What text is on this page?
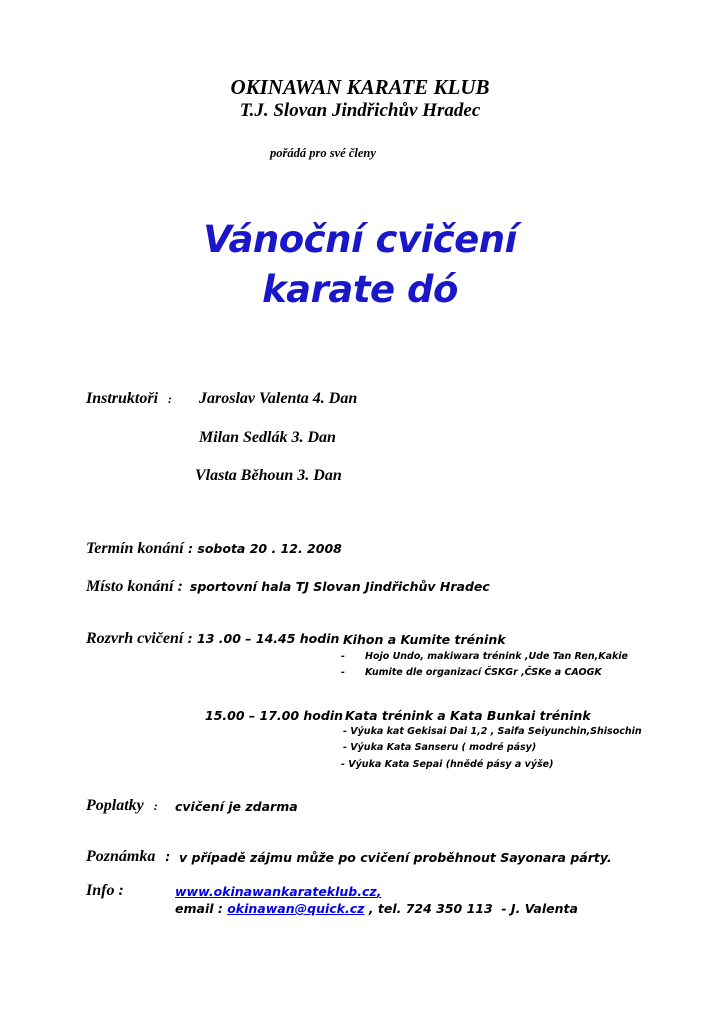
OKINAWAN KARATE KLUB
T.J. Slovan Jindřichův Hradec
pořádá pro své členy
Vánoční cvičení
karate dó
Instruktoři : Jaroslav Valenta 4. Dan
Milan Sedlák 3. Dan
Vlasta Běhoun 3. Dan
Termín konání : sobota 20 . 12. 2008
Místo konání : sportovní hala TJ Slovan Jindřichův Hradec
Rozvrh cvičení : 13 .00 – 14.45 hodin Kihon a Kumite trénink
- Hojo Undo, makiwara trénink ,Ude Tan Ren,Kakie
- Kumite dle organizací ČSKGr ,ČSKe a CAOGK
15.00 – 17.00 hodin Kata trénink a Kata Bunkai trénink
- Výuka kat Gekisai Dai 1,2 , Saifa Seiyunchin,Shisochin
- Výuka Kata Sanseru ( modré pásy)
- Výuka Kata Sepai (hnědé pásy a výše)
Poplatky : cvičení je zdarma
Poznámka : v případě zájmu může po cvičení proběhnout Sayonara párty.
Info :	www.okinawankarateklub.cz,
email : okinawan@quick.cz , tel. 724 350 113  - J. Valenta
